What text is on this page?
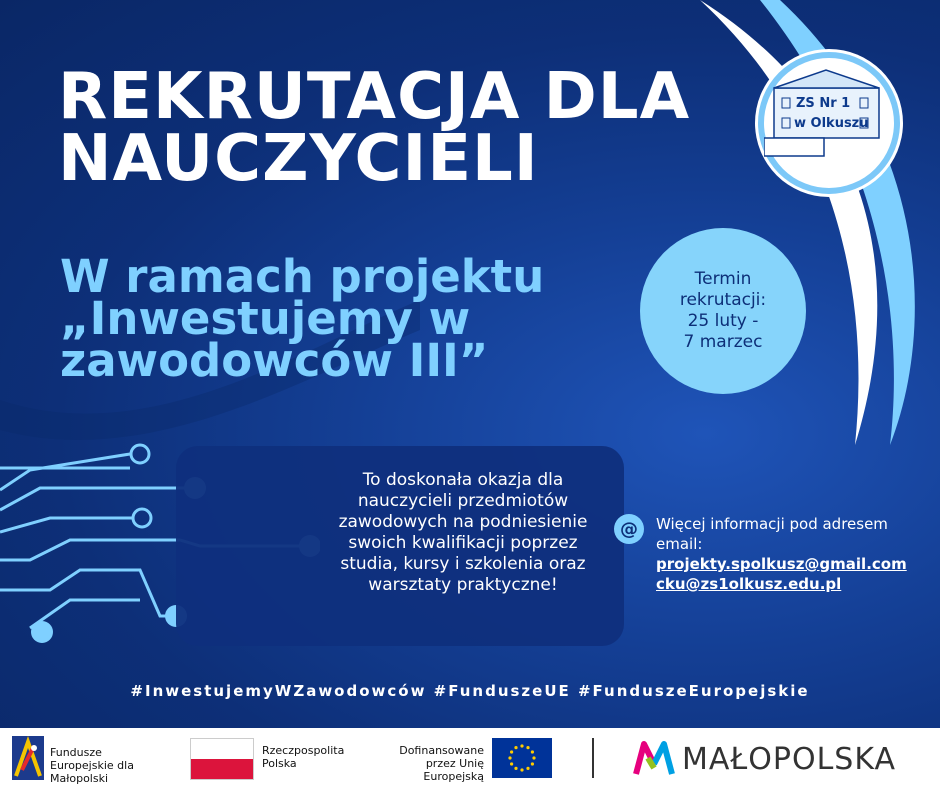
REKRUTACJA DLA NAUCZYCIELI
W ramach projektu „Inwestujemy w zawodowców III”
Termin
rekrutacji:
25 luty -
7 marzec
ZS Nr 1
w Olkuszu

To doskonała okazja dla nauczycieli przedmiotów zawodowych na podniesienie swoich kwalifikacji poprzez studia, kursy i szkolenia oraz warsztaty praktyczne!

@	Więcej informacji pod adresem email:
projekty.spolkusz@gmail.com
cku@zs1olkusz.edu.pl
#InwestujemyWZawodowców #FunduszeUE #FunduszeEuropejskie
Fundusze Europejskie dla Małopolski
Rzeczpospolita Polska
Dofinansowane przez Unię Europejską	MAŁOPOLSKA
